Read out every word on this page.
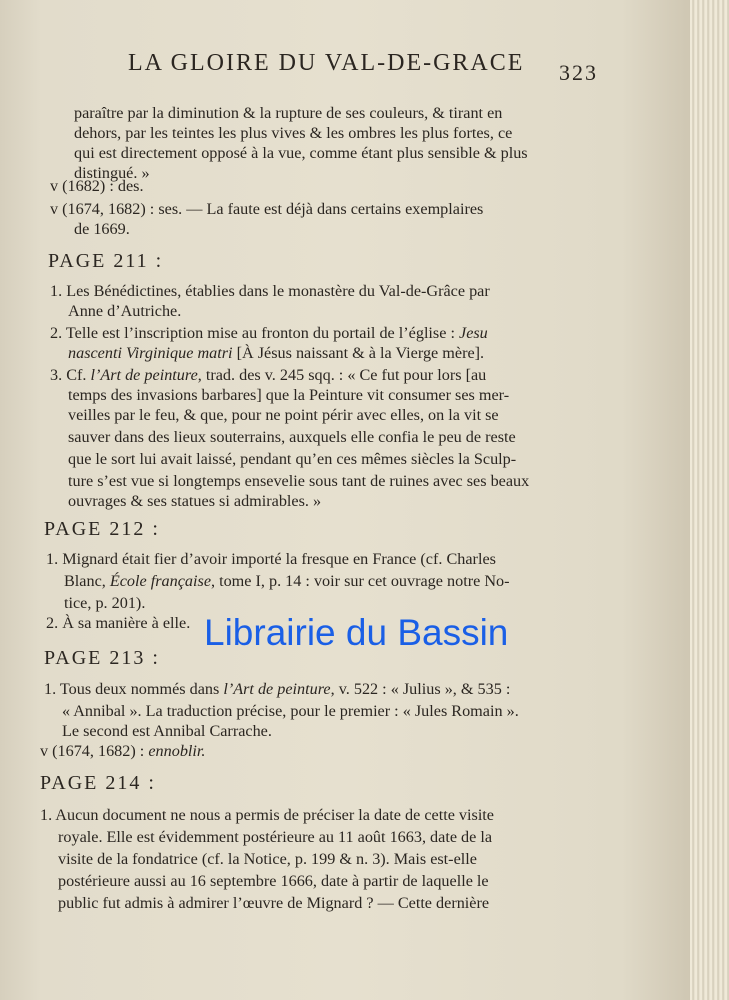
LA GLOIRE DU VAL-DE-GRACE 323
paraître par la diminution & la rupture de ses couleurs, & tirant en
dehors, par les teintes les plus vives & les ombres les plus fortes, ce
qui est directement opposé à la vue, comme étant plus sensible & plus
distingué. »
v (1682) : des.
v (1674, 1682) : ses. — La faute est déjà dans certains exemplaires
de 1669.
PAGE 211 :
1. Les Bénédictines, établies dans le monastère du Val-de-Grâce par
Anne d’Autriche.
2. Telle est l’inscription mise au fronton du portail de l’église : Jesu
nascenti Virginique matri [À Jésus naissant & à la Vierge mère].
3. Cf. l’Art de peinture, trad. des v. 245 sqq. : « Ce fut pour lors [au
temps des invasions barbares] que la Peinture vit consumer ses mer-
veilles par le feu, & que, pour ne point périr avec elles, on la vit se
sauver dans des lieux souterrains, auxquels elle confia le peu de reste
que le sort lui avait laissé, pendant qu’en ces mêmes siècles la Sculp-
ture s’est vue si longtemps ensevelie sous tant de ruines avec ses beaux
ouvrages & ses statues si admirables. »
PAGE 212 :
1. Mignard était fier d’avoir importé la fresque en France (cf. Charles
Blanc, École française, tome I, p. 14 : voir sur cet ouvrage notre No-
tice, p. 201).
2. À sa manière à elle.
PAGE 213 :
1. Tous deux nommés dans l’Art de peinture, v. 522 : « Julius », & 535 :
« Annibal ». La traduction précise, pour le premier : « Jules Romain ».
Le second est Annibal Carrache.
v (1674, 1682) : ennoblir.
PAGE 214 :
1. Aucun document ne nous a permis de préciser la date de cette visite
royale. Elle est évidemment postérieure au 11 août 1663, date de la
visite de la fondatrice (cf. la Notice, p. 199 & n. 3). Mais est-elle
postérieure aussi au 16 septembre 1666, date à partir de laquelle le
public fut admis à admirer l’œuvre de Mignard ? — Cette dernière
Librairie du Bassin
